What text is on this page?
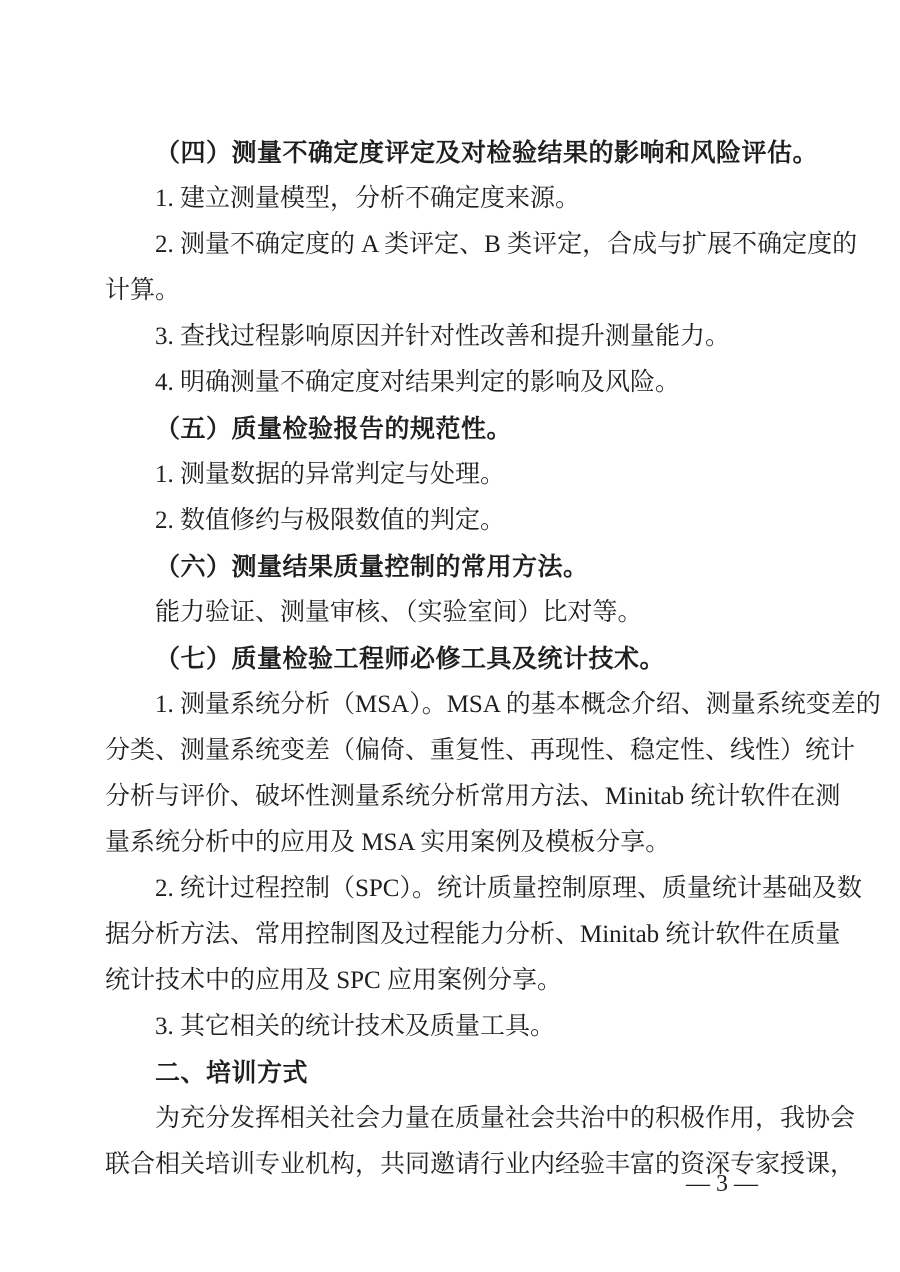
（四）测量不确定度评定及对检验结果的影响和风险评估。
1. 建立测量模型，分析不确定度来源。
2. 测量不确定度的 A 类评定、B 类评定，合成与扩展不确定度的
计算。
3. 查找过程影响原因并针对性改善和提升测量能力。
4. 明确测量不确定度对结果判定的影响及风险。
（五）质量检验报告的规范性。
1. 测量数据的异常判定与处理。
2. 数值修约与极限数值的判定。
（六）测量结果质量控制的常用方法。
能力验证、测量审核、（实验室间）比对等。
（七）质量检验工程师必修工具及统计技术。
1. 测量系统分析（MSA）。MSA 的基本概念介绍、测量系统变差的
分类、测量系统变差（偏倚、重复性、再现性、稳定性、线性）统计
分析与评价、破坏性测量系统分析常用方法、Minitab 统计软件在测
量系统分析中的应用及 MSA 实用案例及模板分享。
2. 统计过程控制（SPC）。统计质量控制原理、质量统计基础及数
据分析方法、常用控制图及过程能力分析、Minitab 统计软件在质量
统计技术中的应用及 SPC 应用案例分享。
3. 其它相关的统计技术及质量工具。
二、培训方式
为充分发挥相关社会力量在质量社会共治中的积极作用，我协会
联合相关培训专业机构，共同邀请行业内经验丰富的资深专家授课，
— 3 —
